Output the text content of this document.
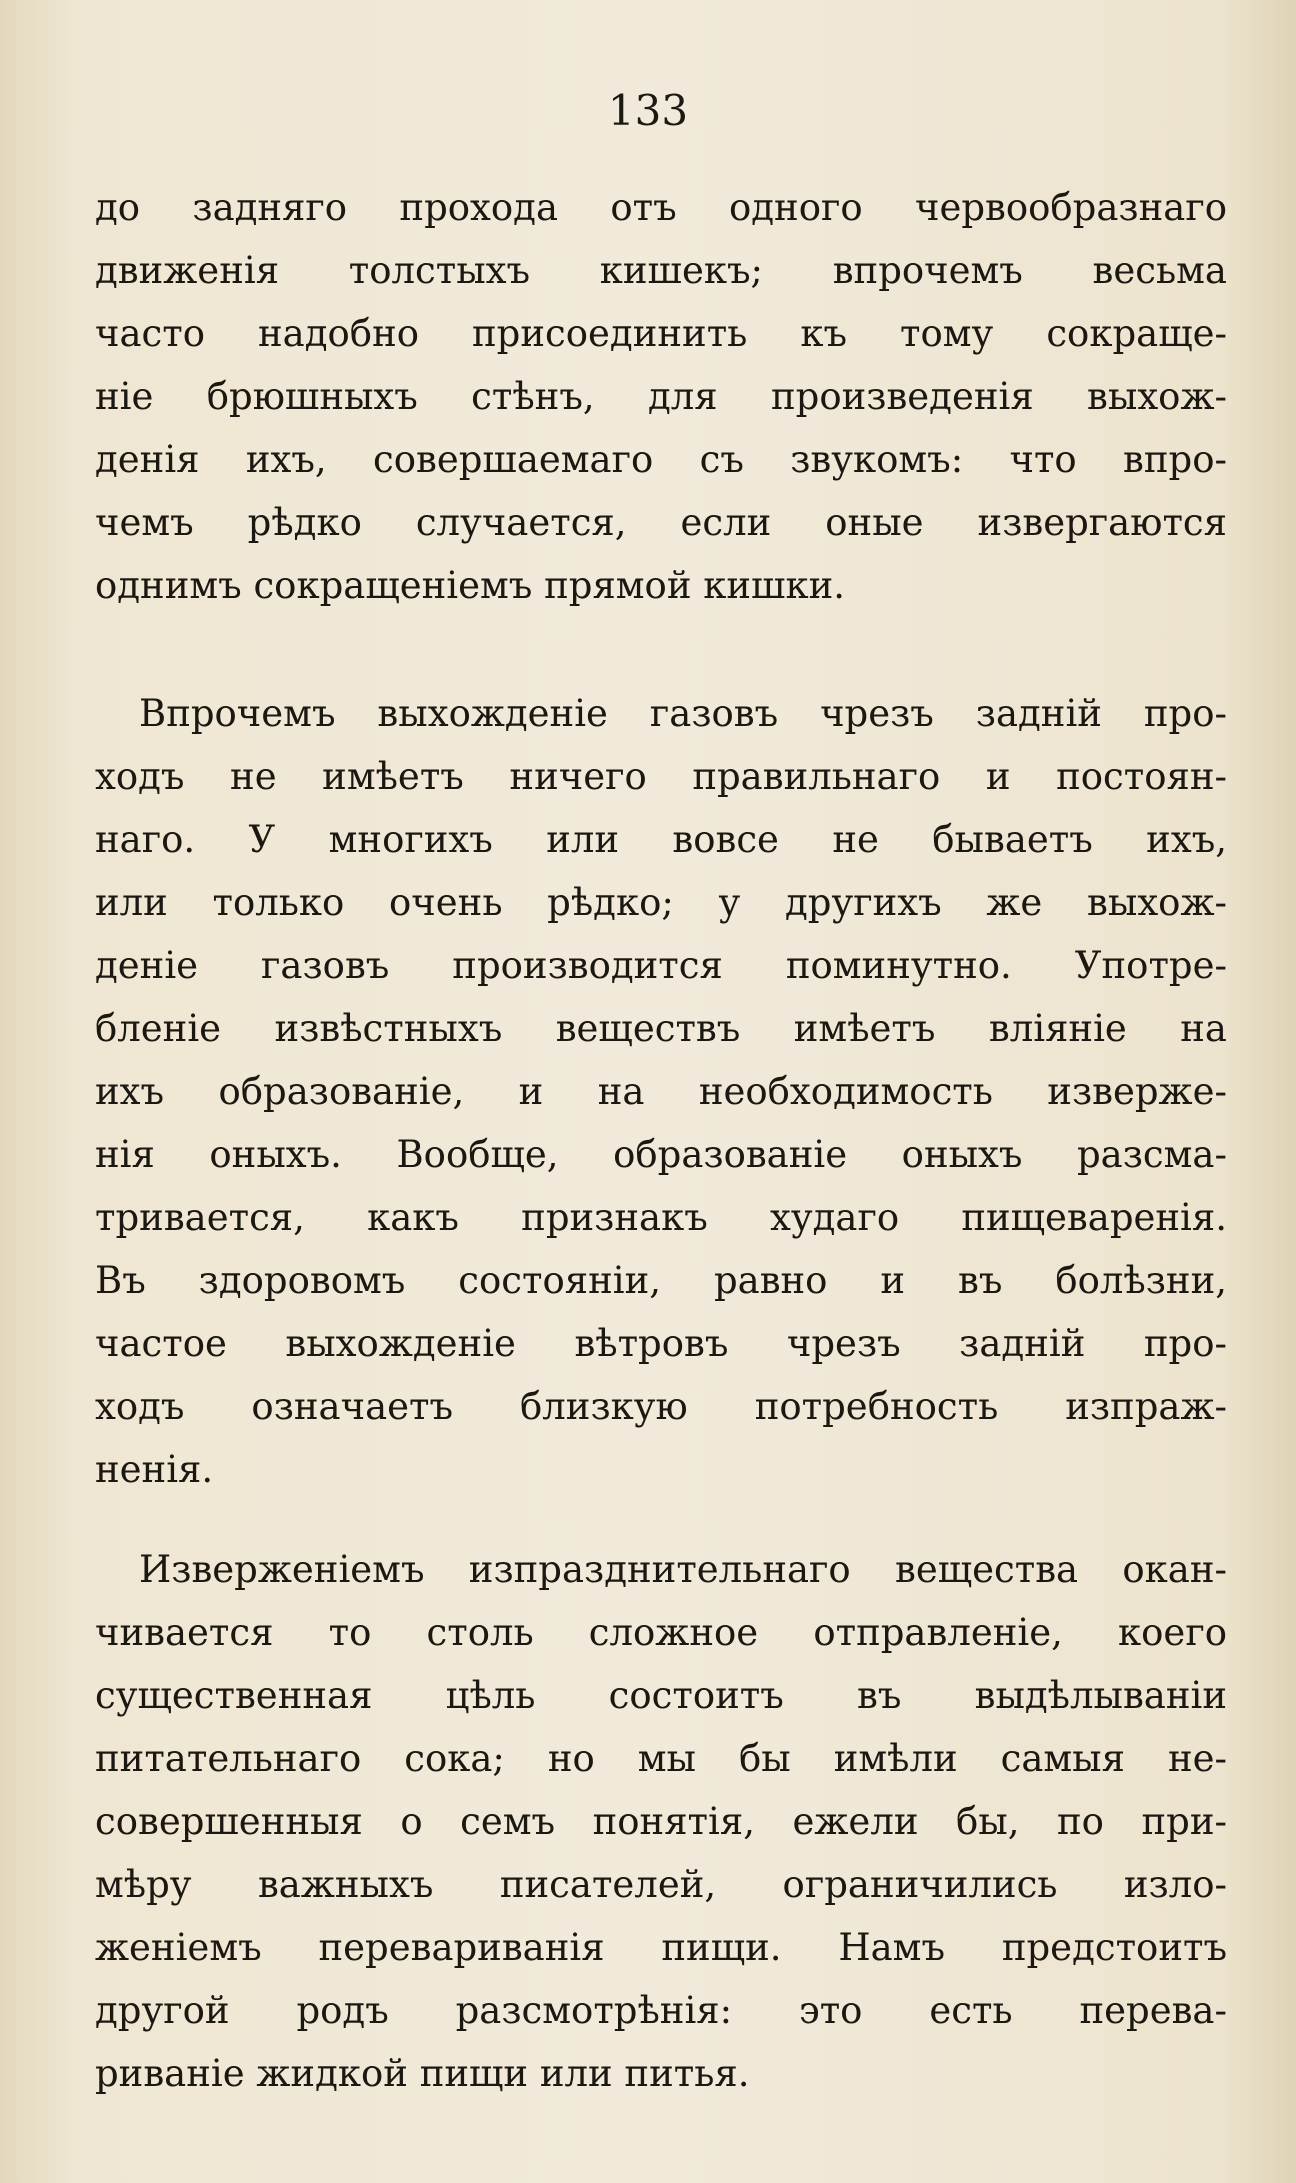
133
до задняго прохода отъ одного червообразнаго
движенія толстыхъ кишекъ; впрочемъ весьма
часто надобно присоединить къ тому сокраще-
ніе брюшныхъ стѣнъ, для произведенія выхож-
денія ихъ, совершаемаго съ звукомъ: что впро-
чемъ рѣдко случается, если оные извергаются
однимъ сокращеніемъ прямой кишки.
Впрочемъ выхожденіе газовъ чрезъ заднiй про-
ходъ не имѣетъ ничего правильнаго и постоян-
наго. У многихъ или вовсе не бываетъ ихъ,
или только очень рѣдко; у другихъ же выхож-
деніе газовъ производится поминутно. Употре-
бленіе извѣстныхъ веществъ имѣетъ вліяніе на
ихъ образованіе, и на необходимость изверже-
нія оныхъ. Вообще, образованіе оныхъ разсма-
тривается, какъ признакъ худаго пищеваренія.
Въ здоровомъ состояніи, равно и въ болѣзни,
частое выхожденіе вѣтровъ чрезъ заднiй про-
ходъ означаетъ близкую потребность изпраж-
ненія.
Изверженіемъ изпразднительнаго вещества окан-
чивается то столь сложное отправленіе, коего
существенная цѣль состоитъ въ выдѣлываніи
питательнаго сока; но мы бы имѣли самыя не-
совершенныя о семъ понятія, ежели бы, по при-
мѣру важныхъ писателей, ограничились изло-
женіемъ перевариванія пищи. Намъ предстоитъ
другой родъ разсмотрѣнія: это есть перева-
риваніе жидкой пищи или питья.
